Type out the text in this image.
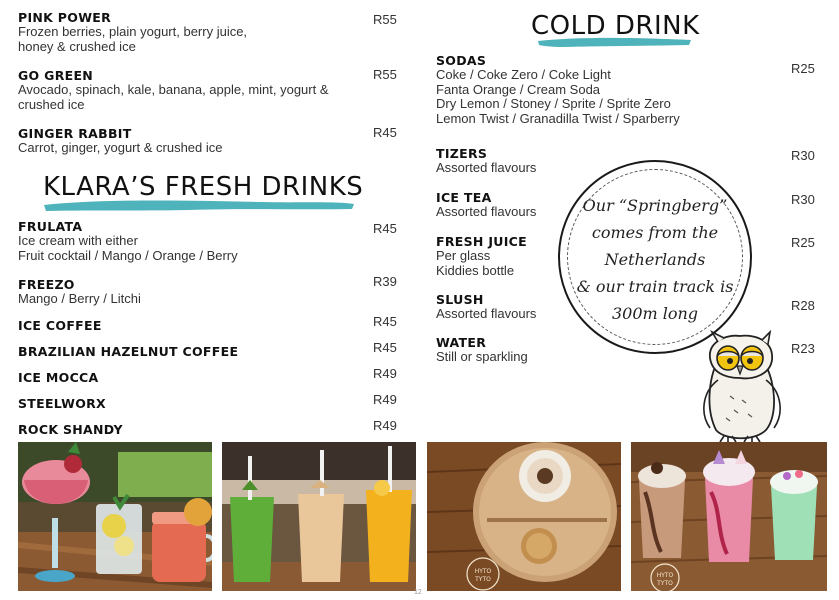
PINK POWER
Frozen berries, plain yogurt, berry juice,
honey & crushed ice
R55
GO GREEN
Avocado, spinach, kale, banana, apple, mint, yogurt &
crushed ice
R55
GINGER RABBIT
Carrot, ginger, yogurt & crushed ice
R45
KLARA’S FRESH DRINKS
FRULATA
Ice cream with either
Fruit cocktail / Mango / Orange / Berry
R45
FREEZO
Mango / Berry / Litchi
R39
ICE COFFEE	R45
BRAZILIAN HAZELNUT COFFEE	R45
ICE MOCCA	R49
STEELWORX	R49
ROCK SHANDY	R49
COLD DRINK
SODAS
Coke / Coke Zero / Coke Light
Fanta Orange / Cream Soda
Dry Lemon / Stoney / Sprite / Sprite Zero
Lemon Twist / Granadilla Twist / Sparberry
R25
TIZERS
Assorted flavours
R30
ICE TEA
Assorted flavours
R30
FRESH JUICE
Per glass
Kiddies bottle
R25
SLUSH
Assorted flavours
R28
WATER
Still or sparkling
R23
Our “Springberg”
comes from the
Netherlands
& our train track is
300m long
HYTO
TYTO
HYTO
TYTO
12
